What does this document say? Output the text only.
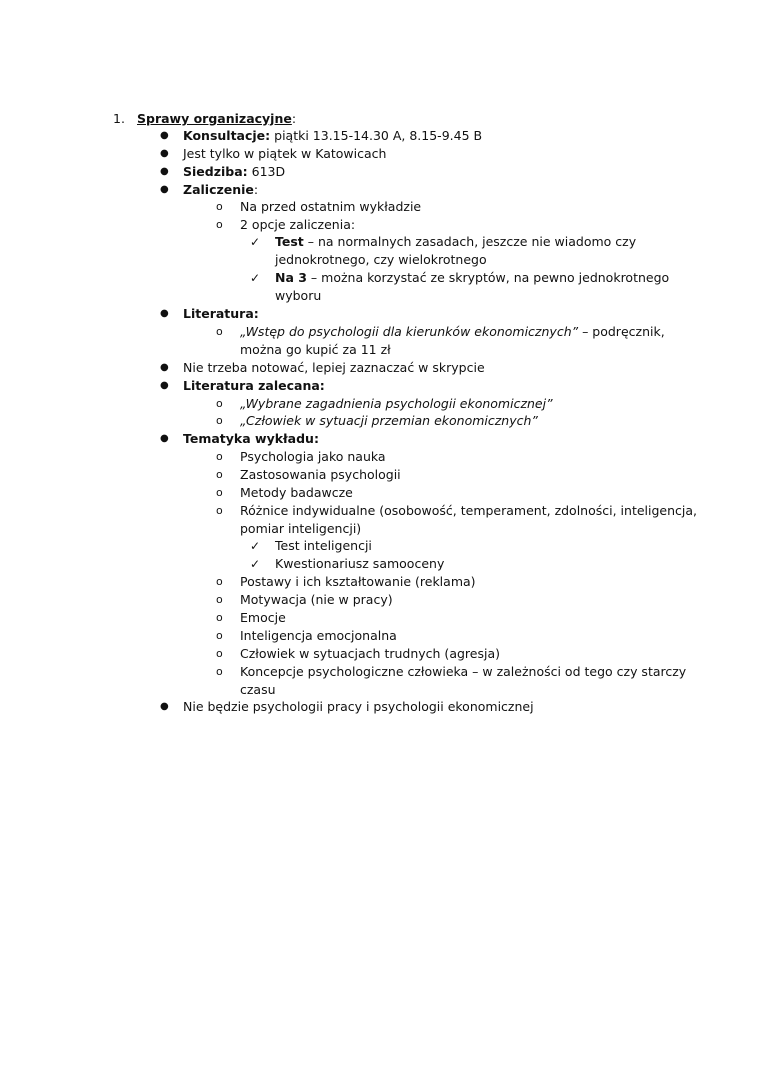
1. Sprawy organizacyjne:
● Konsultacje: piątki 13.15-14.30 A, 8.15-9.45 B
● Jest tylko w piątek w Katowicach
● Siedziba: 613D
● Zaliczenie:
o Na przed ostatnim wykładzie
o 2 opcje zaliczenia:
✓ Test – na normalnych zasadach, jeszcze nie wiadomo czy
jednokrotnego, czy wielokrotnego
✓ Na 3 – można korzystać ze skryptów, na pewno jednokrotnego
wyboru
● Literatura:
o „Wstęp do psychologii dla kierunków ekonomicznych” – podręcznik,
można go kupić za 11 zł
● Nie trzeba notować, lepiej zaznaczać w skrypcie
● Literatura zalecana:
o „Wybrane zagadnienia psychologii ekonomicznej”
o „Człowiek w sytuacji przemian ekonomicznych”
● Tematyka wykładu:
o Psychologia jako nauka
o Zastosowania psychologii
o Metody badawcze
o Różnice indywidualne (osobowość, temperament, zdolności, inteligencja,
pomiar inteligencji)
✓ Test inteligencji
✓ Kwestionariusz samooceny
o Postawy i ich kształtowanie (reklama)
o Motywacja (nie w pracy)
o Emocje
o Inteligencja emocjonalna
o Człowiek w sytuacjach trudnych (agresja)
o Koncepcje psychologiczne człowieka – w zależności od tego czy starczy
czasu
● Nie będzie psychologii pracy i psychologii ekonomicznej
